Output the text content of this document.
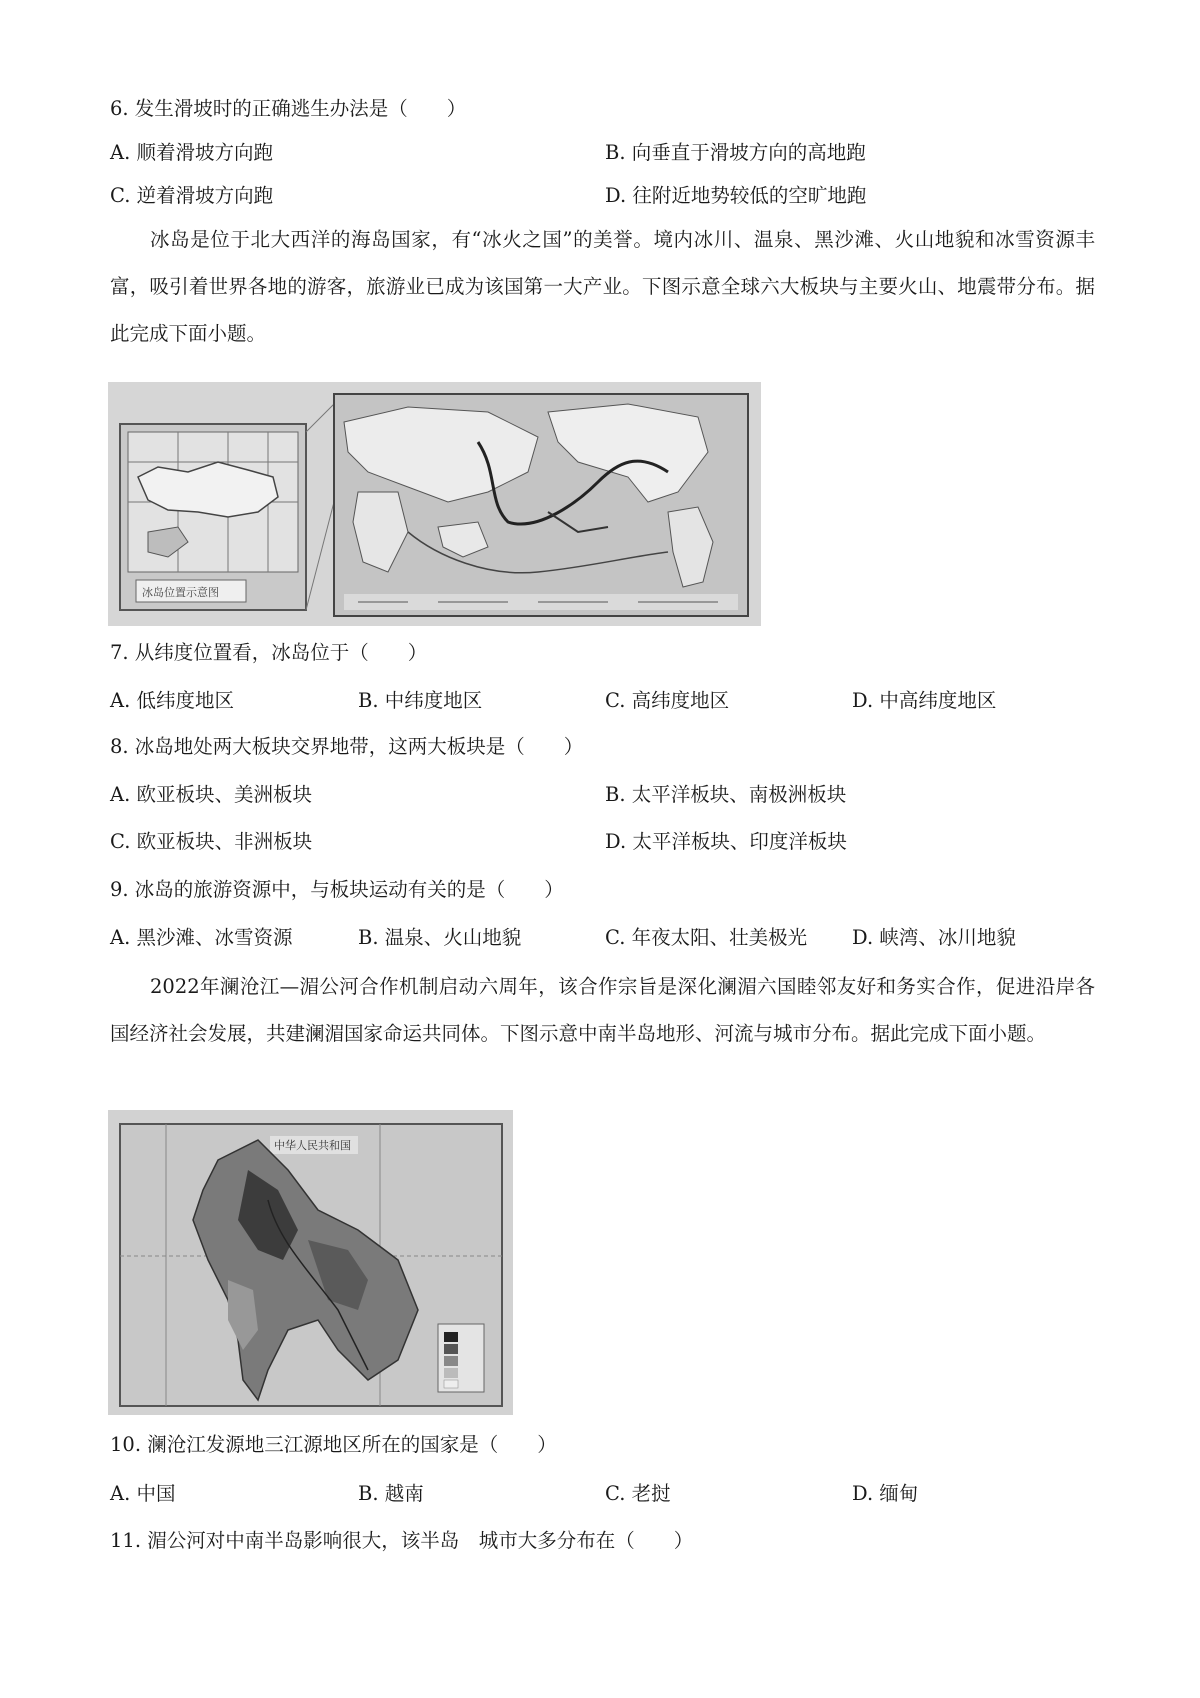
6. 发生滑坡时的正确逃生办法是（　　）
A. 顺着滑坡方向跑	B. 向垂直于滑坡方向的高地跑
C. 逆着滑坡方向跑	D. 往附近地势较低的空旷地跑
冰岛是位于北大西洋的海岛国家，有“冰火之国”的美誉。境内冰川、温泉、黑沙滩、火山地貌和冰雪资源丰富，吸引着世界各地的游客，旅游业已成为该国第一大产业。下图示意全球六大板块与主要火山、地震带分布。据此完成下面小题。
冰岛位置示意图
7. 从纬度位置看，冰岛位于（　　）
A. 低纬度地区	B. 中纬度地区	C. 高纬度地区	D. 中高纬度地区
8. 冰岛地处两大板块交界地带，这两大板块是（　　）
A. 欧亚板块、美洲板块	B. 太平洋板块、南极洲板块
C. 欧亚板块、非洲板块	D. 太平洋板块、印度洋板块
9. 冰岛的旅游资源中，与板块运动有关的是（　　）
A. 黑沙滩、冰雪资源	B. 温泉、火山地貌	C. 年夜太阳、壮美极光 D. 峡湾、冰川地貌
2022年澜沧江—湄公河合作机制启动六周年，该合作宗旨是深化澜湄六国睦邻友好和务实合作，促进沿岸各国经济社会发展，共建澜湄国家命运共同体。下图示意中南半岛地形、河流与城市分布。据此完成下面小题。
中华人民共和国
10. 澜沧江发源地三江源地区所在的国家是（　　）
A. 中国	B. 越南	C. 老挝	D. 缅甸
11. 湄公河对中南半岛影响很大，该半岛　城市大多分布在（　　）
